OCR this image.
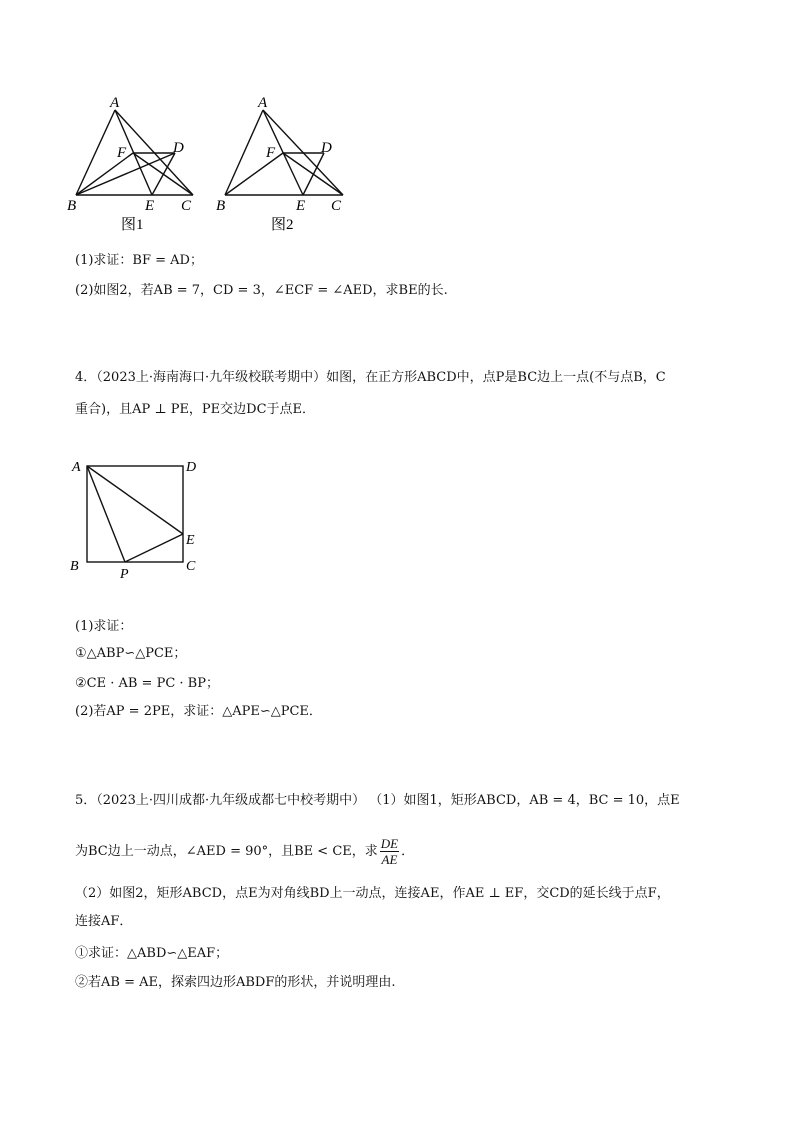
A
B	C
D
E
F
图1
A
B	C
D
E
F
图2
(1)求证：BF = AD；
(2)如图2，若AB = 7，CD = 3，∠ECF = ∠AED，求BE的长.
4．（2023上·海南海口·九年级校联考期中）如图，在正方形ABCD中，点P是BC边上一点(不与点B，C
重合)，且AP ⊥ PE，PE交边DC于点E．
A	D
B	C
E
P
(1)求证：
①△ABP∽△PCE；
②CE · AB = PC · BP；
(2)若AP = 2PE，求证：△APE∽△PCE．
5．（2023上·四川成都·九年级成都七中校考期中） （1）如图1，矩形ABCD，AB = 4，BC = 10，点E
为BC边上一动点，∠AED = 90°，且BE < CE，求 $\frac{DE}{AE}$ ．
（2）如图2，矩形ABCD，点E为对角线BD上一动点，连接AE，作AE ⊥ EF，交CD的延长线于点F，
连接AF．
①求证：△ABD∽△EAF；
②若AB = AE，探索四边形ABDF的形状，并说明理由.
